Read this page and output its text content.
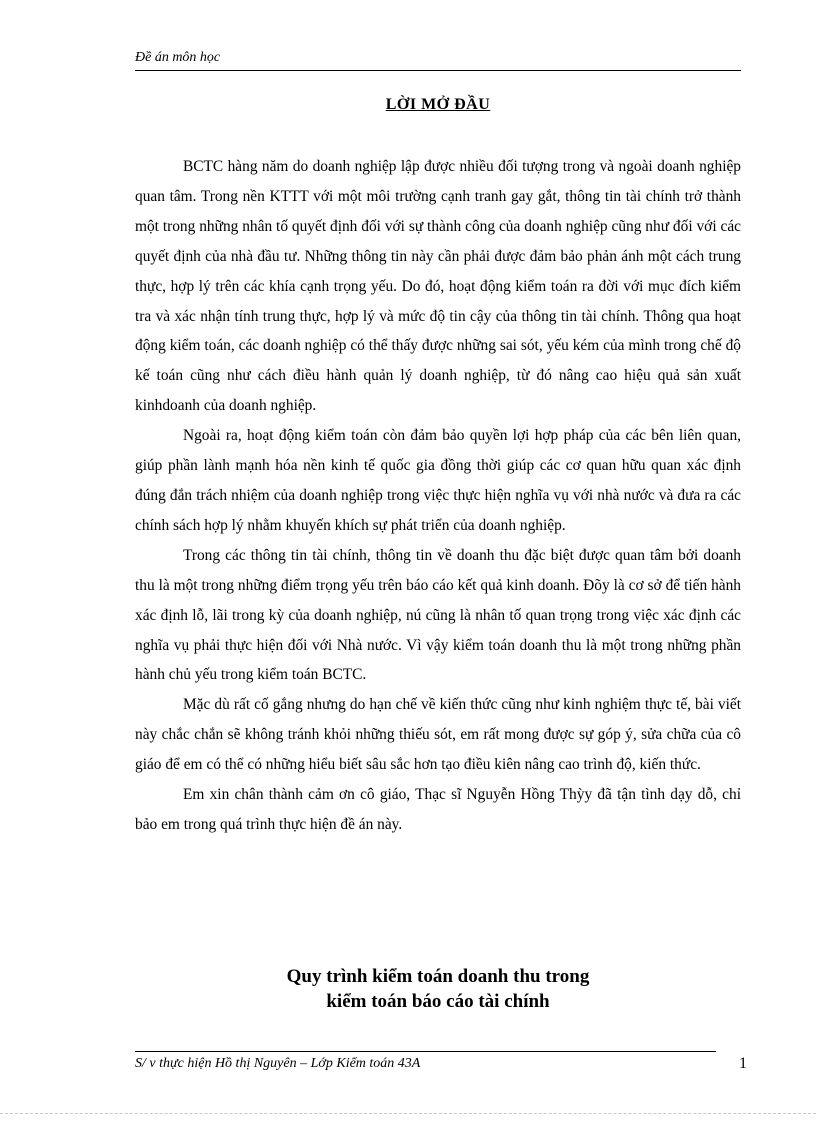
Đề án môn học
LỜI MỞ ĐẦU

BCTC hàng năm do doanh nghiệp lập được nhiều đối tượng trong và ngoài doanh nghiệp quan tâm. Trong nền KTTT với một môi trường cạnh tranh gay gắt, thông tin tài chính trở thành một trong những nhân tố quyết định đối với sự thành công của doanh nghiệp cũng như đối với các quyết định của nhà đầu tư. Những thông tin này cần phải được đảm bảo phản ánh một cách trung thực, hợp lý trên các khía cạnh trọng yếu. Do đó, hoạt động kiểm toán ra đời với mục đích kiểm tra và xác nhận tính trung thực, hợp lý và mức độ tin cậy của thông tin tài chính. Thông qua hoạt động kiểm toán, các doanh nghiệp có thể thấy được những sai sót, yếu kém của mình trong chế độ kế toán cũng như cách điều hành quản lý doanh nghiệp, từ đó nâng cao hiệu quả sản xuất kinhdoanh của doanh nghiệp.

Ngoài ra, hoạt động kiểm toán còn đảm bảo quyền lợi hợp pháp của các bên liên quan, giúp phần lành mạnh hóa nền kinh tế quốc gia đồng thời giúp các cơ quan hữu quan xác định đúng đắn trách nhiệm của doanh nghiệp trong việc thực hiện nghĩa vụ với nhà nước và đưa ra các chính sách hợp lý nhằm khuyến khích sự phát triển của doanh nghiệp.

Trong các thông tin tài chính, thông tin về doanh thu đặc biệt được quan tâm bởi doanh thu là một trong những điểm trọng yếu trên báo cáo kết quả kinh doanh. Đõy là cơ sở để tiến hành xác định lỗ, lãi trong kỳ của doanh nghiệp, nú cũng là nhân tố quan trọng trong việc xác định các nghĩa vụ phải thực hiện đối với Nhà nước. Vì vậy kiểm toán doanh thu là một trong những phần hành chủ yếu trong kiểm toán BCTC.

Mặc dù rất cố gắng nhưng do hạn chế về kiến thức cũng như kinh nghiệm thực tế, bài viết này chắc chắn sẽ không tránh khỏi những thiếu sót, em rất mong được sự góp ý, sửa chữa của cô giáo để em có thể có những hiểu biết sâu sắc hơn tạo điều kiên nâng cao trình độ, kiến thức.

Em xin chân thành cảm ơn cô giáo, Thạc sĩ Nguyễn Hồng Thỳy đã tận tình dạy dỗ, chỉ bảo em trong quá trình thực hiện đề án này.

Quy trình kiểm toán doanh thu trong
kiểm toán báo cáo tài chính
S/ v thực hiện Hồ thị Nguyên – Lớp Kiểm toán 43A	1
